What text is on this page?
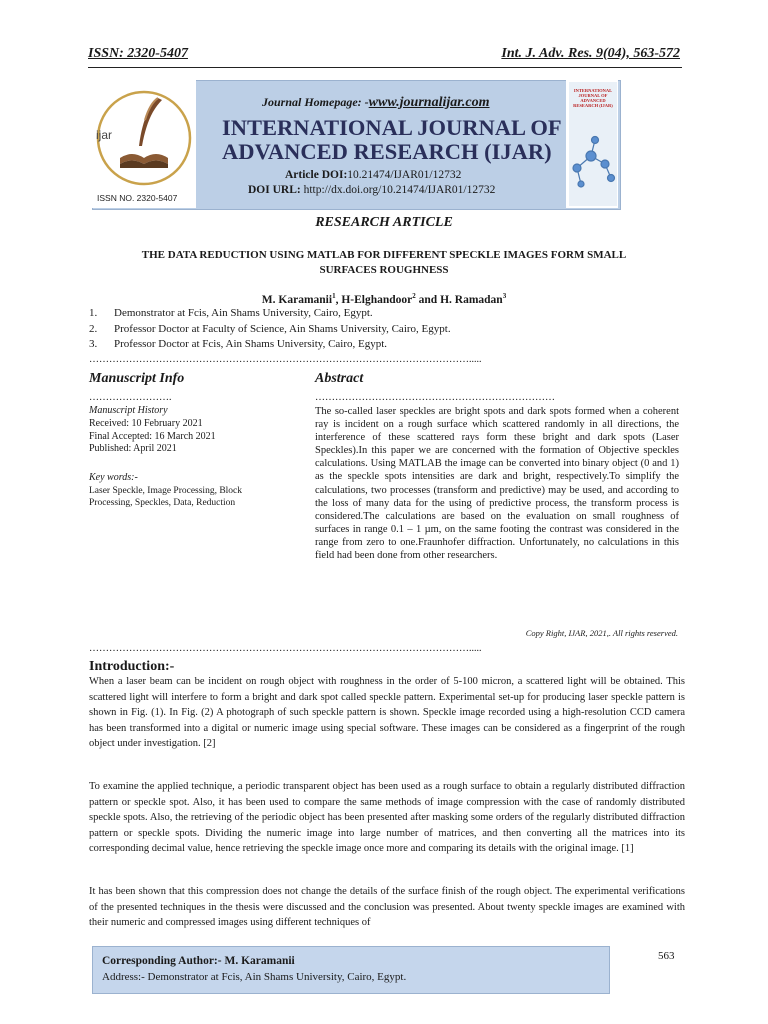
ISSN: 2320-5407	Int. J. Adv. Res. 9(04), 563-572
ijar
ISSN NO. 2320-5407
Journal Homepage: -www.journalijar.com
INTERNATIONAL JOURNAL OF
ADVANCED RESEARCH (IJAR)
Article DOI:10.21474/IJAR01/12732
DOI URL: http://dx.doi.org/10.21474/IJAR01/12732
INTERNATIONAL JOURNAL OF ADVANCED RESEARCH (IJAR)
RESEARCH ARTICLE
THE DATA REDUCTION USING MATLAB FOR DIFFERENT SPECKLE IMAGES FORM SMALL
SURFACES ROUGHNESS
M. Karamanii$^1$, H-Elghandoor$^2$ and H. Ramadan$^3$
1. Demonstrator at Fcis, Ain Shams University, Cairo, Egypt.
2. Professor Doctor at Faculty of Science, Ain Shams University, Cairo, Egypt.
3. Professor Doctor at Fcis, Ain Shams University, Cairo, Egypt.
…………………………………………………………………………………………………….....
Manuscript Info
…………………….
Manuscript History
Received: 10 February 2021
Final Accepted: 16 March 2021
Published: April 2021
Key words:-
Laser Speckle, Image Processing, Block
Processing, Speckles, Data, Reduction
Abstract
………………………………………………………………
The so-called laser speckles are bright spots and dark spots formed when a coherent ray is incident on a rough surface which scattered randomly in all directions, the interference of these scattered rays form these bright and dark spots (Laser Speckles).In this paper we are concerned with the formation of Objective speckles calculations. Using MATLAB the image can be converted into binary object (0 and 1) as the speckle spots intensities are dark and bright, respectively.To simplify the calculations, two processes (transform and predictive) may be used, and according to the loss of many data for the using of predictive process, the transform process is considered.The calculations are based on the evaluation on small roughness of surfaces in range 0.1 – 1 µm, on the same footing the contrast was considered in the range from zero to one.Fraunhofer diffraction. Unfortunately, no calculations in this field had been done from other researchers.
Copy Right, IJAR, 2021,. All rights reserved.
…………………………………………………………………………………………………….....
Introduction:-
When a laser beam can be incident on rough object with roughness in the order of 5-100 micron, a scattered light will be obtained. This scattered light will interfere to form a bright and dark spot called speckle pattern. Experimental set-up for producing laser speckle pattern is shown in Fig. (1). In Fig. (2) A photograph of such speckle pattern is shown. Speckle image recorded using a high-resolution CCD camera has been transformed into a digital or numeric image using special software. These images can be considered as a fingerprint of the rough object under investigation. [2]
To examine the applied technique, a periodic transparent object has been used as a rough surface to obtain a regularly distributed diffraction pattern or speckle spot. Also, it has been used to compare the same methods of image compression with the case of randomly distributed speckle spots. Also, the retrieving of the periodic object has been presented after masking some orders of the regularly distributed diffraction pattern or speckle spots. Dividing the numeric image into large number of matrices, and then converting all the matrices into its corresponding decimal value, hence retrieving the speckle image once more and comparing its details with the original image. [1]
It has been shown that this compression does not change the details of the surface finish of the rough object. The experimental verifications of the presented techniques in the thesis were discussed and the conclusion was presented. About twenty speckle images are examined with their numeric and compressed images using different techniques of
Corresponding Author:- M. Karamanii
Address:- Demonstrator at Fcis, Ain Shams University, Cairo, Egypt.
563
